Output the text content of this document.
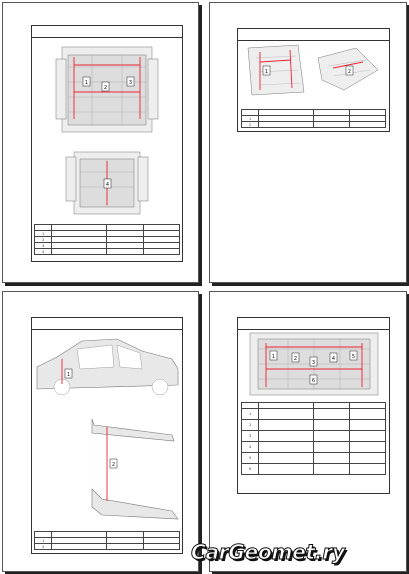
1
2
3
4

1			
2			
3			
4			
1	2

1			
2			
1
2

1			
2			
1	2
3
4	5
6

1			
2			
3			
4			
5			
6			
CarGeomet.ry
